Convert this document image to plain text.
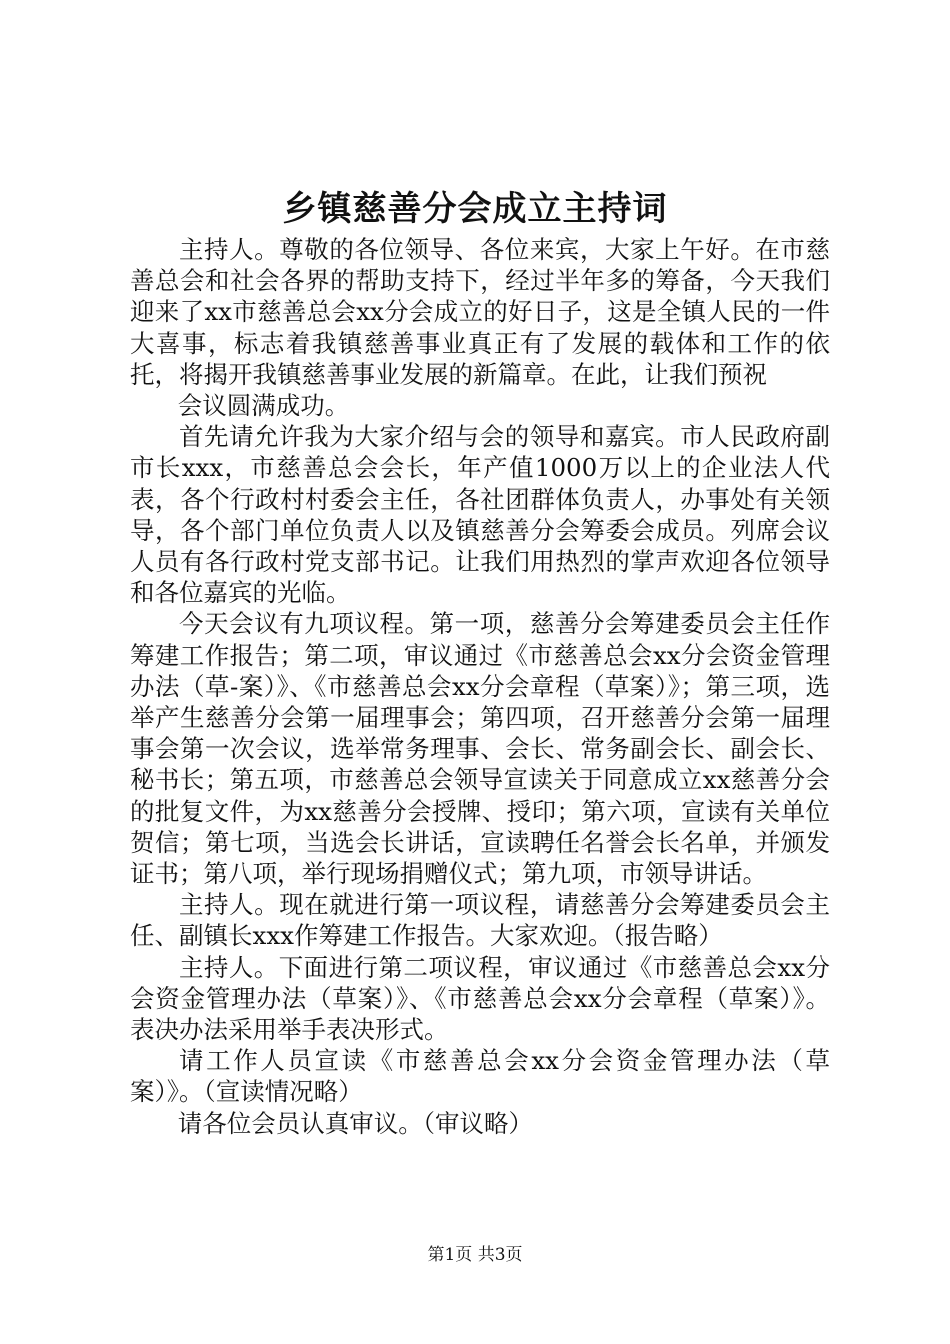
乡镇慈善分会成立主持词

主持人。尊敬的各位领导、各位来宾，大家上午好。在市慈善总会和社会各界的帮助支持下，经过半年多的筹备，今天我们迎来了xx市慈善总会xx分会成立的好日子，这是全镇人民的一件大喜事，标志着我镇慈善事业真正有了发展的载体和工作的依托，将揭开我镇慈善事业发展的新篇章。在此，让我们预祝

会议圆满成功。

首先请允许我为大家介绍与会的领导和嘉宾。市人民政府副市长xxx，市慈善总会会长，年产值1000万以上的企业法人代表，各个行政村村委会主任，各社团群体负责人，办事处有关领导，各个部门单位负责人以及镇慈善分会筹委会成员。列席会议人员有各行政村党支部书记。让我们用热烈的掌声欢迎各位领导和各位嘉宾的光临。

今天会议有九项议程。第一项，慈善分会筹建委员会主任作筹建工作报告；第二项，审议通过《市慈善总会xx分会资金管理办法（草-案）》、《市慈善总会xx分会章程（草案）》；第三项，选举产生慈善分会第一届理事会；第四项，召开慈善分会第一届理事会第一次会议，选举常务理事、会长、常务副会长、副会长、秘书长；第五项，市慈善总会领导宣读关于同意成立xx慈善分会的批复文件，为xx慈善分会授牌、授印；第六项，宣读有关单位贺信；第七项，当选会长讲话，宣读聘任名誉会长名单，并颁发证书；第八项，举行现场捐赠仪式；第九项，市领导讲话。

主持人。现在就进行第一项议程，请慈善分会筹建委员会主任、副镇长xxx作筹建工作报告。大家欢迎。（报告略）

主持人。下面进行第二项议程，审议通过《市慈善总会xx分会资金管理办法（草案）》、《市慈善总会xx分会章程（草案）》。表决办法采用举手表决形式。

请工作人员宣读《市慈善总会xx分会资金管理办法（草案）》。（宣读情况略）

请各位会员认真审议。（审议略）

第1页 共3页
